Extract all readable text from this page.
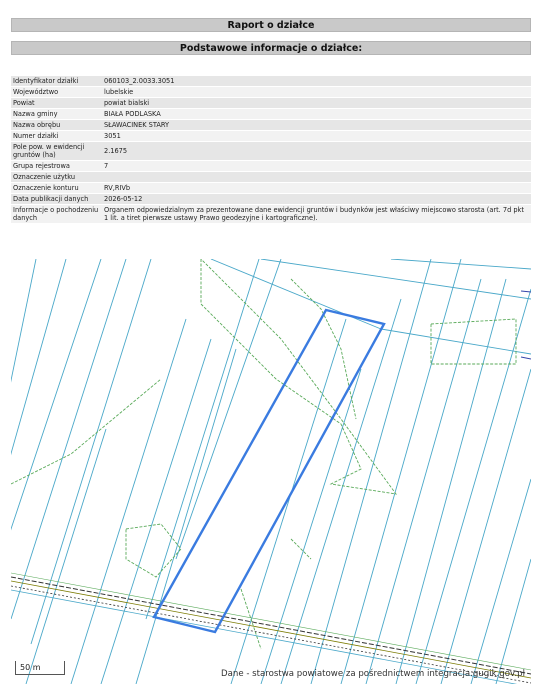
Raport o działce
Podstawowe informacje o działce:
Identyfikator działki	060103_2.0033.3051
Województwo	lubelskie
Powiat	powiat bialski
Nazwa gminy	BIAŁA PODLASKA
Nazwa obrębu	SŁAWACINEK STARY
Numer działki	3051
Pole pow. w ewidencji gruntów (ha)	2.1675
Grupa rejestrowa	7
Oznaczenie użytku	
Oznaczenie konturu	RV,RIVb
Data publikacji danych	2026-05-12
Informacje o pochodzeniu danych	Organem odpowiedzialnym za prezentowane dane ewidencji gruntów i budynków jest właściwy miejscowo starosta (art. 7d pkt 1 lit. a tiret pierwsze ustawy Prawo geodezyjne i kartograficzne).
50 m
Dane - starostwa powiatowe za pośrednictwem integracja.gugik.gov.pl
